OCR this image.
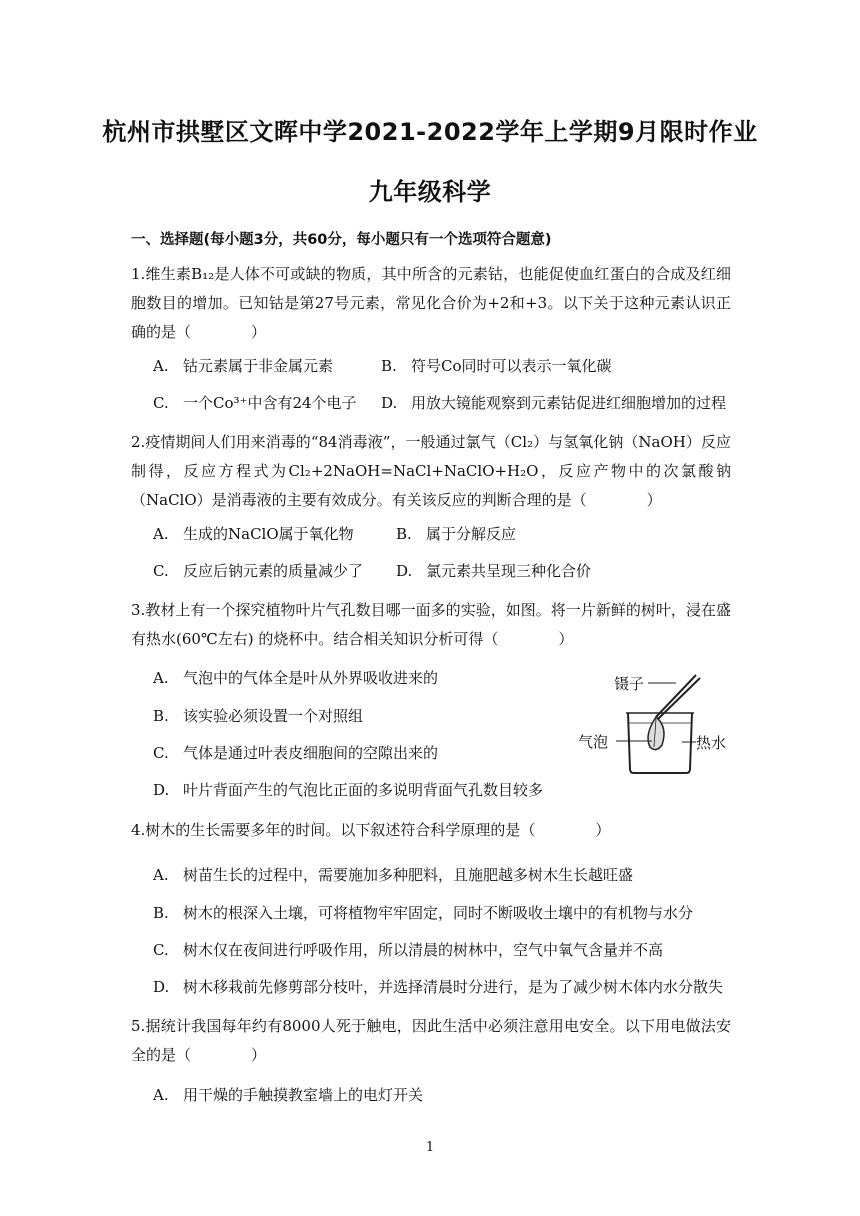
杭州市拱墅区文晖中学2021-2022学年上学期9月限时作业
九年级科学
一、选择题(每小题3分，共60分，每小题只有一个选项符合题意)
1.维生素B₁₂是人体不可或缺的物质，其中所含的元素钴，也能促使血红蛋白的合成及红细胞数目的增加。已知钴是第27号元素，常见化合价为+2和+3。以下关于这种元素认识正确的是（　　　　）
A. 钴元素属于非金属元素	B. 符号Co同时可以表示一氧化碳
C. 一个Co³⁺中含有24个电子 D. 用放大镜能观察到元素钴促进红细胞增加的过程
2.疫情期间人们用来消毒的“84消毒液”，一般通过氯气（Cl₂）与氢氧化钠（NaOH）反应制得，反应方程式为Cl₂+2NaOH=NaCl+NaClO+H₂O，反应产物中的次氯酸钠（NaClO）是消毒液的主要有效成分。有关该反应的判断合理的是（　　　　）
A. 生成的NaClO属于氧化物	B. 属于分解反应
C. 反应后钠元素的质量减少了 D. 氯元素共呈现三种化合价
3.教材上有一个探究植物叶片气孔数目哪一面多的实验，如图。将一片新鲜的树叶，浸在盛有热水(60℃左右) 的烧杯中。结合相关知识分析可得（　　　　）
A. 气泡中的气体全是叶从外界吸收进来的
B. 该实验必须设置一个对照组
C. 气体是通过叶表皮细胞间的空隙出来的
D. 叶片背面产生的气泡比正面的多说明背面气孔数目较多
镊子
气泡	热水
4.树木的生长需要多年的时间。以下叙述符合科学原理的是（　　　　）
A. 树苗生长的过程中，需要施加多种肥料，且施肥越多树木生长越旺盛
B. 树木的根深入土壤，可将植物牢牢固定，同时不断吸收土壤中的有机物与水分
C. 树木仅在夜间进行呼吸作用，所以清晨的树林中，空气中氧气含量并不高
D. 树木移栽前先修剪部分枝叶，并选择清晨时分进行，是为了减少树木体内水分散失
5.据统计我国每年约有8000人死于触电，因此生活中必须注意用电安全。以下用电做法安全的是（　　　　）
A. 用干燥的手触摸教室墙上的电灯开关
1
